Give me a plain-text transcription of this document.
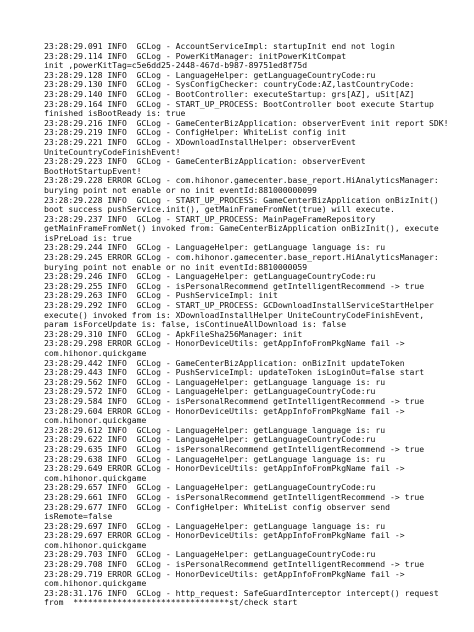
23:28:29.091 INFO  GCLog - AccountServiceImpl: startupInit end not login
23:28:29.114 INFO  GCLog - PowerKitManager: initPowerKitCompat
init ,powerKitTag=c5e6dd25-2448-467d-b987-89751ed8f75d
23:28:29.128 INFO  GCLog - LanguageHelper: getLanguageCountryCode:ru
23:28:29.130 INFO  GCLog - SysConfigChecker: countryCode:AZ,lastCountryCode:
23:28:29.140 INFO  GCLog - BootController: executeStartup: grs[AZ], uSit[AZ]
23:28:29.164 INFO  GCLog - START_UP_PROCESS: BootController boot execute Startup
finished isBootReady is: true
23:28:29.216 INFO  GCLog - GameCenterBizApplication: observerEvent init report SDK!
23:28:29.219 INFO  GCLog - ConfigHelper: WhiteList config init
23:28:29.221 INFO  GCLog - XDownloadInstallHelper: observerEvent
UniteCountryCodeFinishEvent!
23:28:29.223 INFO  GCLog - GameCenterBizApplication: observerEvent
BootHotStartupEvent!
23:28:29.228 ERROR GCLog - com.hihonor.gamecenter.base_report.HiAnalyticsManager:
burying point not enable or no init eventId:881000000099
23:28:29.228 INFO  GCLog - START_UP_PROCESS: GameCenterBizApplication onBizInit()
boot success pushService.init(), getMainFrameFromNet(true) will execute.
23:28:29.237 INFO  GCLog - START_UP_PROCESS: MainPageFrameRepository
getMainFrameFromNet() invoked from: GameCenterBizApplication onBizInit(), execute
isPreLoad is: true
23:28:29.244 INFO  GCLog - LanguageHelper: getLanguage language is: ru
23:28:29.245 ERROR GCLog - com.hihonor.gamecenter.base_report.HiAnalyticsManager:
burying point not enable or no init eventId:8810000059
23:28:29.246 INFO  GCLog - LanguageHelper: getLanguageCountryCode:ru
23:28:29.255 INFO  GCLog - isPersonalRecommend getIntelligentRecommend -> true
23:28:29.263 INFO  GCLog - PushServiceImpl: init
23:28:29.292 INFO  GCLog - START_UP_PROCESS: GCDownloadInstallServiceStartHelper
execute() invoked from is: XDownloadInstallHelper UniteCountryCodeFinishEvent,
param isForceUpdate is: false, isContinueAllDownload is: false
23:28:29.310 INFO  GCLog - ApkFileSha256Manager: init
23:28:29.298 ERROR GCLog - HonorDeviceUtils: getAppInfoFromPkgName fail ->
com.hihonor.quickgame
23:28:29.442 INFO  GCLog - GameCenterBizApplication: onBizInit updateToken
23:28:29.443 INFO  GCLog - PushServiceImpl: updateToken isLoginOut=false start
23:28:29.562 INFO  GCLog - LanguageHelper: getLanguage language is: ru
23:28:29.572 INFO  GCLog - LanguageHelper: getLanguageCountryCode:ru
23:28:29.584 INFO  GCLog - isPersonalRecommend getIntelligentRecommend -> true
23:28:29.604 ERROR GCLog - HonorDeviceUtils: getAppInfoFromPkgName fail ->
com.hihonor.quickgame
23:28:29.612 INFO  GCLog - LanguageHelper: getLanguage language is: ru
23:28:29.622 INFO  GCLog - LanguageHelper: getLanguageCountryCode:ru
23:28:29.635 INFO  GCLog - isPersonalRecommend getIntelligentRecommend -> true
23:28:29.638 INFO  GCLog - LanguageHelper: getLanguage language is: ru
23:28:29.649 ERROR GCLog - HonorDeviceUtils: getAppInfoFromPkgName fail ->
com.hihonor.quickgame
23:28:29.657 INFO  GCLog - LanguageHelper: getLanguageCountryCode:ru
23:28:29.661 INFO  GCLog - isPersonalRecommend getIntelligentRecommend -> true
23:28:29.677 INFO  GCLog - ConfigHelper: WhiteList config observer send
isRemote=false
23:28:29.697 INFO  GCLog - LanguageHelper: getLanguage language is: ru
23:28:29.697 ERROR GCLog - HonorDeviceUtils: getAppInfoFromPkgName fail ->
com.hihonor.quickgame
23:28:29.703 INFO  GCLog - LanguageHelper: getLanguageCountryCode:ru
23:28:29.708 INFO  GCLog - isPersonalRecommend getIntelligentRecommend -> true
23:28:29.719 ERROR GCLog - HonorDeviceUtils: getAppInfoFromPkgName fail ->
com.hihonor.quickgame
23:28:31.176 INFO  GCLog - http_request: SafeGuardInterceptor intercept() request
from  ********************************st/check start
